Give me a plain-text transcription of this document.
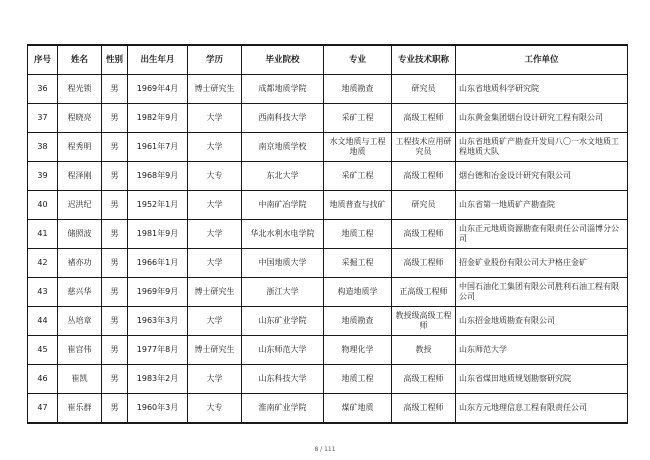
序号	姓名	性别	出生年月	学历	毕业院校	专业	专业技术职称	工作单位
36	程光锁	男	1969年4月	博士研究生	成都地质学院	地质勘查	研究员	山东省地质科学研究院
37	程晓亮	男	1982年9月	大学	西南科技大学	采矿工程	高级工程师	山东黄金集团烟台设计研究工程有限公司
38	程秀明	男	1961年7月	大学	南京地质学校	水文地质与工程地质	工程技术应用研究员	山东省地质矿产勘查开发局八〇一水文地质工程地质大队
39	程泽刚	男	1968年9月	大专	东北大学	采矿工程	高级工程师	烟台德和冶金设计研究有限公司
40	迟洪纪	男	1952年1月	大学	中南矿冶学院	地质普查与找矿	研究员	山东省第一地质矿产勘查院
41	储照波	男	1981年9月	大学	华北水利水电学院	地质工程	高级工程师	山东正元地质资源勘查有限责任公司淄博分公司
42	褚亦功	男	1966年1月	大学	中国地质大学	采掘工程	高级工程师	招金矿业股份有限公司大尹格庄金矿
43	慈兴华	男	1969年9月	博士研究生	浙江大学	构造地质学	正高级工程师	中国石油化工集团有限公司胜利石油工程有限公司
44	丛培章	男	1963年3月	大学	山东矿业学院	地质勘查	教授级高级工程师	山东招金地质勘查有限公司
45	崔宫伟	男	1977年8月	博士研究生	山东师范大学	物理化学	教授	山东师范大学
46	崔凯	男	1983年2月	大学	山东科技大学	地质工程	高级工程师	山东省煤田地质规划勘察研究院
47	崔乐群	男	1960年3月	大专	淮南矿业学院	煤矿地质	高级工程师	山东方元地理信息工程有限责任公司
8 / 111
